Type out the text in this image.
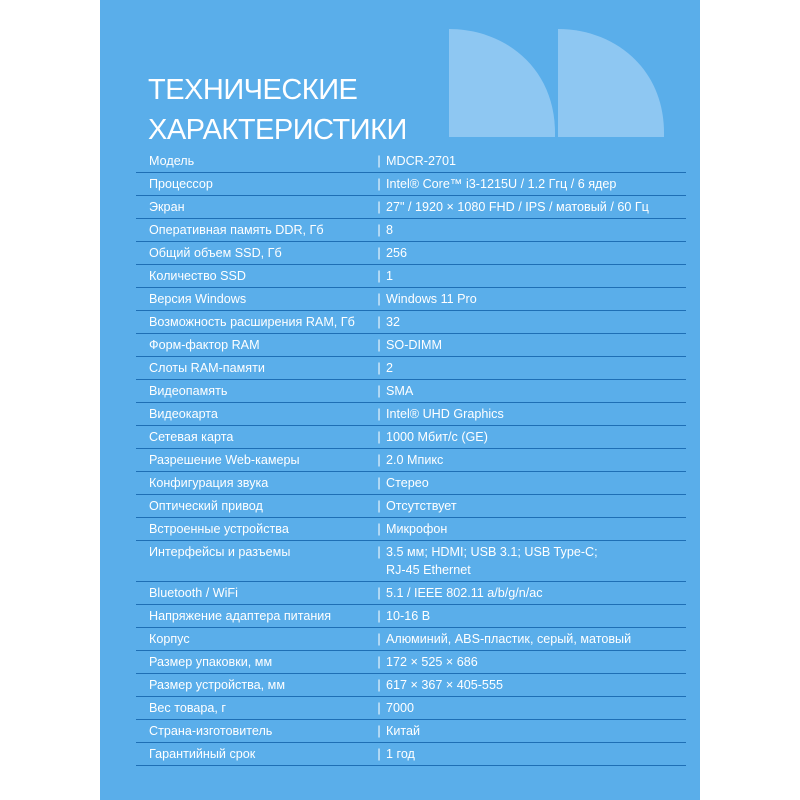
ТЕХНИЧЕСКИЕ
ХАРАКТЕРИСТИКИ
Модель	| MDCR-2701
Процессор	| Intel® Core™ i3-1215U / 1.2 Ггц / 6 ядер
Экран	| 27" / 1920 × 1080 FHD / IPS / матовый / 60 Гц
Оперативная память DDR, Гб	| 8
Общий объем SSD, Гб	| 256
Количество SSD	| 1
Версия Windows	| Windows 11 Pro
Возможность расширения RAM, Гб	| 32
Форм-фактор RAM	| SO-DIMM
Слоты RAM-памяти	| 2
Видеопамять	| SMA
Видеокарта	| Intel® UHD Graphics
Сетевая карта	| 1000 Мбит/с (GE)
Разрешение Web-камеры	| 2.0 Мпикс
Конфигурация звука	| Стерео
Оптический привод	| Отсутствует
Встроенные устройства	| Микрофон
Интерфейсы и разъемы	| 3.5 мм; HDMI; USB 3.1; USB Type-C;
RJ-45 Ethernet
Bluetooth / WiFi	| 5.1 / IEEE 802.11 a/b/g/n/ac
Напряжение адаптера питания	| 10-16 В
Корпус	| Алюминий, ABS-пластик, серый, матовый
Размер упаковки, мм	| 172 × 525 × 686
Размер устройства, мм	| 617 × 367 × 405-555
Вес товара, г	| 7000
Страна-изготовитель	| Китай
Гарантийный срок	| 1 год
